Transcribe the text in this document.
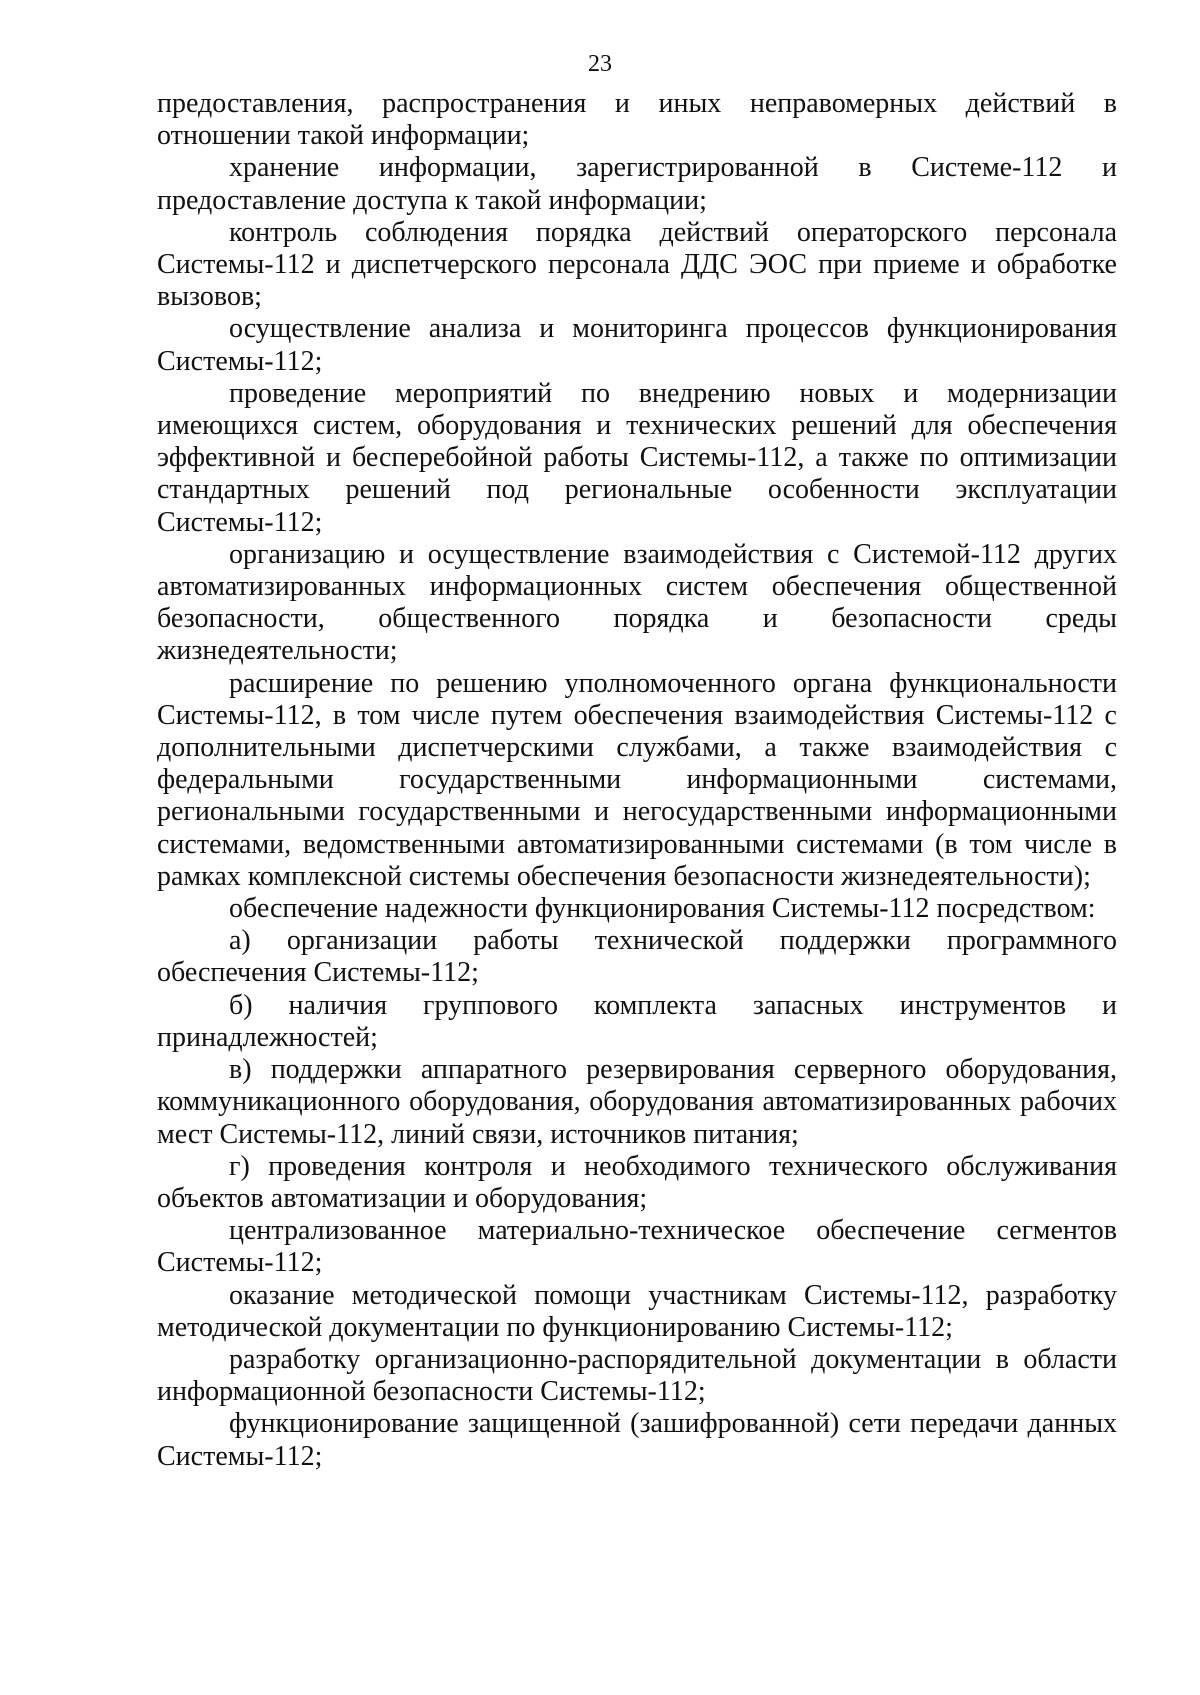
23

предоставления, распространения и иных неправомерных действий в отношении такой информации;

хранение информации, зарегистрированной в Системе-112 и предоставление доступа к такой информации;

контроль соблюдения порядка действий операторского персонала Системы-112 и диспетчерского персонала ДДС ЭОС при приеме и обработке вызовов;

осуществление анализа и мониторинга процессов функционирования Системы-112;

проведение мероприятий по внедрению новых и модернизации имеющихся систем, оборудования и технических решений для обеспечения эффективной и бесперебойной работы Системы-112, а также по оптимизации стандартных решений под региональные особенности эксплуатации Системы-112;

организацию и осуществление взаимодействия с Системой-112 других автоматизированных информационных систем обеспечения общественной безопасности, общественного порядка и безопасности среды жизнедеятельности;

расширение по решению уполномоченного органа функциональности Системы-112, в том числе путем обеспечения взаимодействия Системы-112 с дополнительными диспетчерскими службами, а также взаимодействия с федеральными государственными информационными системами, региональными государственными и негосударственными информационными системами, ведомственными автоматизированными системами (в том числе в рамках комплексной системы обеспечения безопасности жизнедеятельности);

обеспечение надежности функционирования Системы-112 посредством:

а) организации работы технической поддержки программного обеспечения Системы-112;

б) наличия группового комплекта запасных инструментов и принадлежностей;

в) поддержки аппаратного резервирования серверного оборудования, коммуникационного оборудования, оборудования автоматизированных рабочих мест Системы-112, линий связи, источников питания;

г) проведения контроля и необходимого технического обслуживания объектов автоматизации и оборудования;

централизованное материально-техническое обеспечение сегментов Системы-112;

оказание методической помощи участникам Системы-112, разработку методической документации по функционированию Системы-112;

разработку организационно-распорядительной документации в области информационной безопасности Системы-112;

функционирование защищенной (зашифрованной) сети передачи данных Системы-112;
